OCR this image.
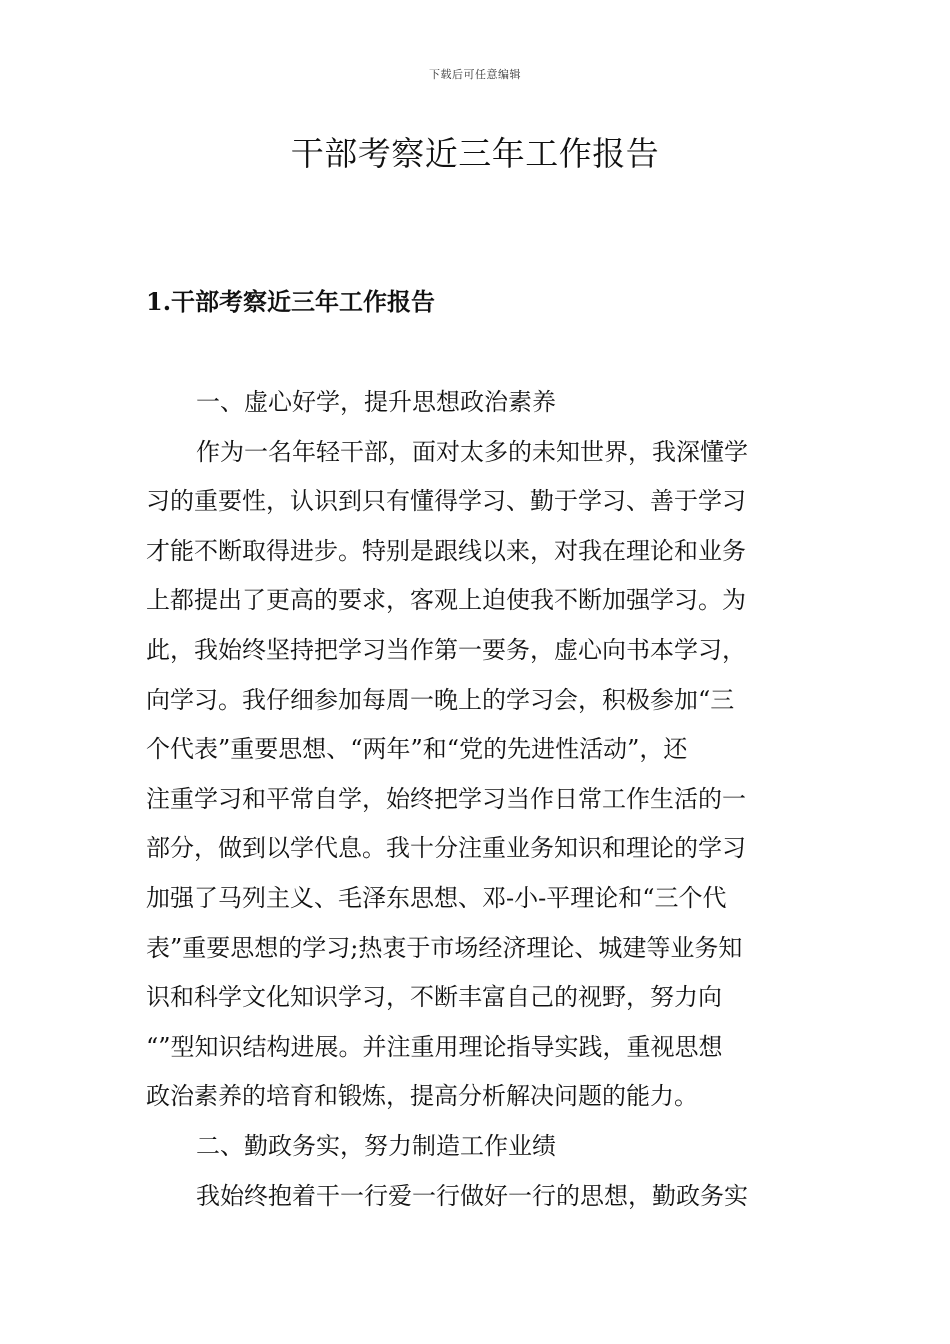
下载后可任意编辑
干部考察近三年工作报告
1.干部考察近三年工作报告

一、虚心好学，提升思想政治素养

作为一名年轻干部，面对太多的未知世界，我深懂学
习的重要性，认识到只有懂得学习、勤于学习、善于学习
才能不断取得进步。特别是跟线以来，对我在理论和业务
上都提出了更高的要求，客观上迫使我不断加强学习。为
此，我始终坚持把学习当作第一要务，虚心向书本学习，
向学习。我仔细参加每周一晚上的学习会，积极参加“三
个代表”重要思想、“两年”和“党的先进性活动”，还
注重学习和平常自学，始终把学习当作日常工作生活的一
部分，做到以学代息。我十分注重业务知识和理论的学习
加强了马列主义、毛泽东思想、邓-小-平理论和“三个代
表”重要思想的学习;热衷于市场经济理论、城建等业务知
识和科学文化知识学习，不断丰富自己的视野，努力向
“”型知识结构进展。并注重用理论指导实践，重视思想
政治素养的培育和锻炼，提高分析解决问题的能力。

二、勤政务实，努力制造工作业绩

我始终抱着干一行爱一行做好一行的思想，勤政务实
